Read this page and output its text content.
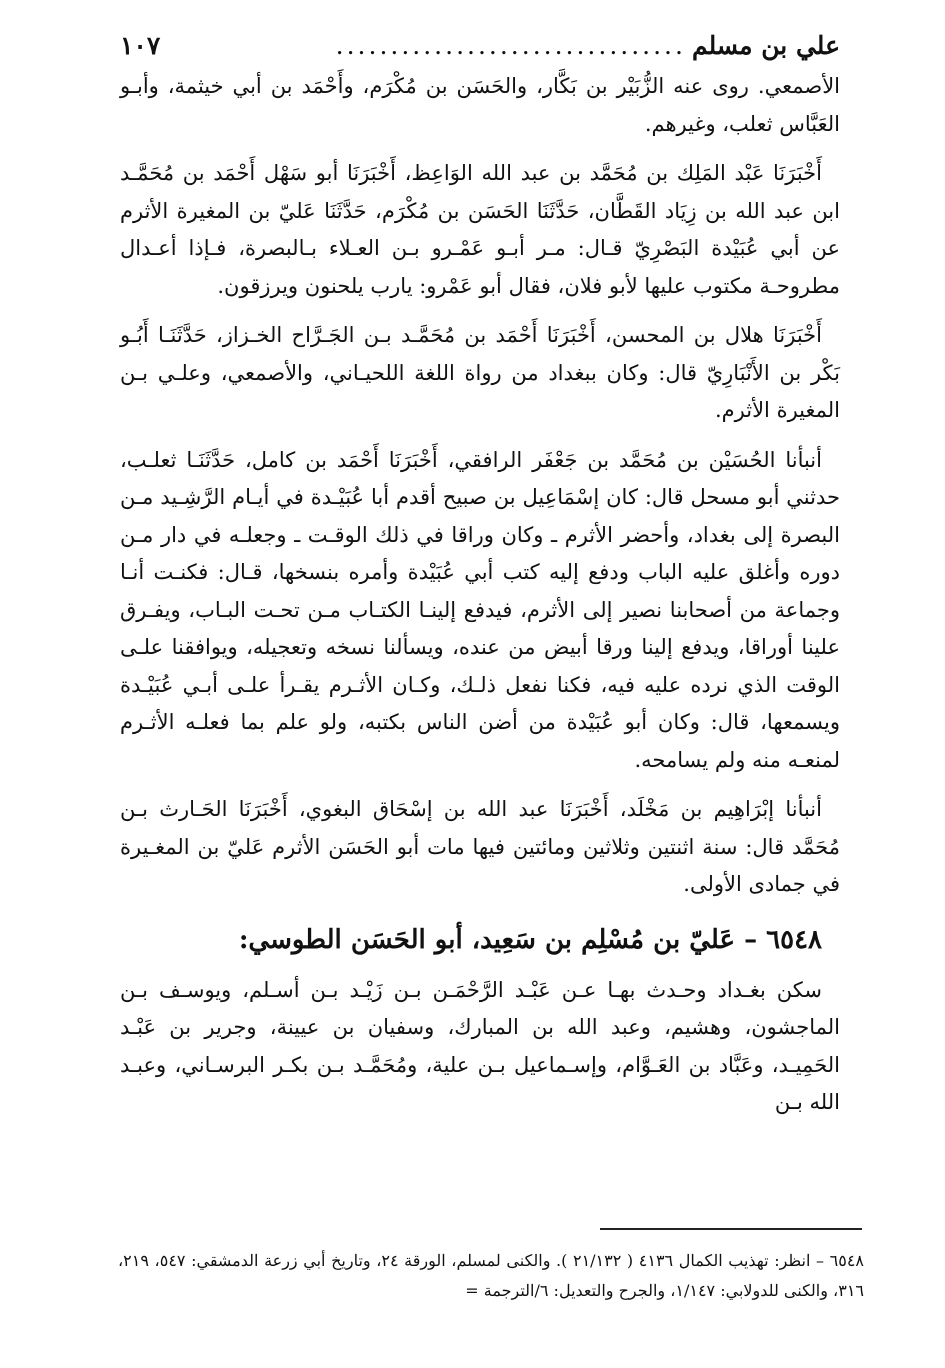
علي بن مسلم
................................
١٠٧

الأصمعي. روى عنه الزُّبَيْر بن بَكَّار، والحَسَن بن مُكْرَم، وأَحْمَد بن أبي خيثمة، وأبـو العَبَّاس ثعلب، وغيرهم.

أَخْبَرَنَا عَبْد المَلِك بن مُحَمَّد بن عبد الله الوَاعِظ، أَخْبَرَنَا أبو سَهْل أَحْمَد بن مُحَمَّـد ابن عبد الله بن زِيَاد القَطَّان، حَدَّثَنَا الحَسَن بن مُكْرَم، حَدَّثَنَا عَليّ بن المغيرة الأثرم عن أبي عُبَيْدة البَصْرِيّ قـال: مـر أبـو عَمْـرو بـن العـلاء بـالبصرة، فـإذا أعـدال مطروحـة مكتوب عليها لأبو فلان، فقال أبو عَمْرو: يارب يلحنون ويرزقون.

أَخْبَرَنَا هلال بن المحسن، أَخْبَرَنَا أَحْمَد بن مُحَمَّـد بـن الجَـرَّاح الخـزاز، حَدَّثَنَـا أَبُـو بَكْر بن الأَنْبَارِيّ قال: وكان ببغداد من رواة اللغة اللحيـاني، والأصمعي، وعلـي بـن المغيرة الأثرم.

أنبأنا الحُسَيْن بن مُحَمَّد بن جَعْفَر الرافقي، أَخْبَرَنَا أَحْمَد بن كامل، حَدَّثَنَـا ثعلـب، حدثني أبو مسحل قال: كان إسْمَاعِيل بن صبيح أقدم أبا عُبَيْـدة في أيـام الرَّشِـيد مـن البصرة إلى بغداد، وأحضر الأثرم ـ وكان وراقا في ذلك الوقـت ـ وجعلـه في دار مـن دوره وأغلق عليه الباب ودفع إليه كتب أبي عُبَيْدة وأمره بنسخها، قـال: فكنـت أنـا وجماعة من أصحابنا نصير إلى الأثرم، فيدفع إلينـا الكتـاب مـن تحـت البـاب، ويفـرق علينا أوراقا، ويدفع إلينا ورقا أبيض من عنده، ويسألنا نسخه وتعجيله، ويوافقنا علـى الوقت الذي نرده عليه فيه، فكنا نفعل ذلـك، وكـان الأثـرم يقـرأ علـى أبـي عُبَيْـدة ويسمعها، قال: وكان أبو عُبَيْدة من أضن الناس بكتبه، ولو علم بما فعلـه الأثـرم لمنعـه منه ولم يسامحه.

أنبأنا إبْرَاهِيم بن مَخْلَد، أَخْبَرَنَا عبد الله بن إسْحَاق البغوي، أَخْبَرَنَا الحَـارث بـن مُحَمَّد قال: سنة اثنتين وثلاثين ومائتين فيها مات أبو الحَسَن الأثرم عَليّ بن المغـيرة في جمادى الأولى.

٦٥٤٨ – عَليّ بن مُسْلِم بن سَعِيد، أبو الحَسَن الطوسي:

سكن بغـداد وحـدث بهـا عـن عَبْـد الرَّحْمَـن بـن زَيْـد بـن أسـلم، ويوسـف بـن الماجشون، وهشيم، وعبد الله بن المبارك، وسفيان بن عيينة، وجرير بن عَبْـد الحَمِيـد، وعَبَّاد بن العَـوَّام، وإسـماعيل بـن علية، ومُحَمَّـد بـن بكـر البرسـاني، وعبـد الله بـن

٦٥٤٨ – انظر: تهذيب الكمال ٤١٣٦ ( ٢١/١٣٢ ). والكنى لمسلم، الورقة ٢٤، وتاريخ أبي زرعة الدمشقي: ٥٤٧، ٢١٩، ٣١٦، والكنى للدولابي: ١/١٤٧، والجرح والتعديل: ٦/الترجمة =
